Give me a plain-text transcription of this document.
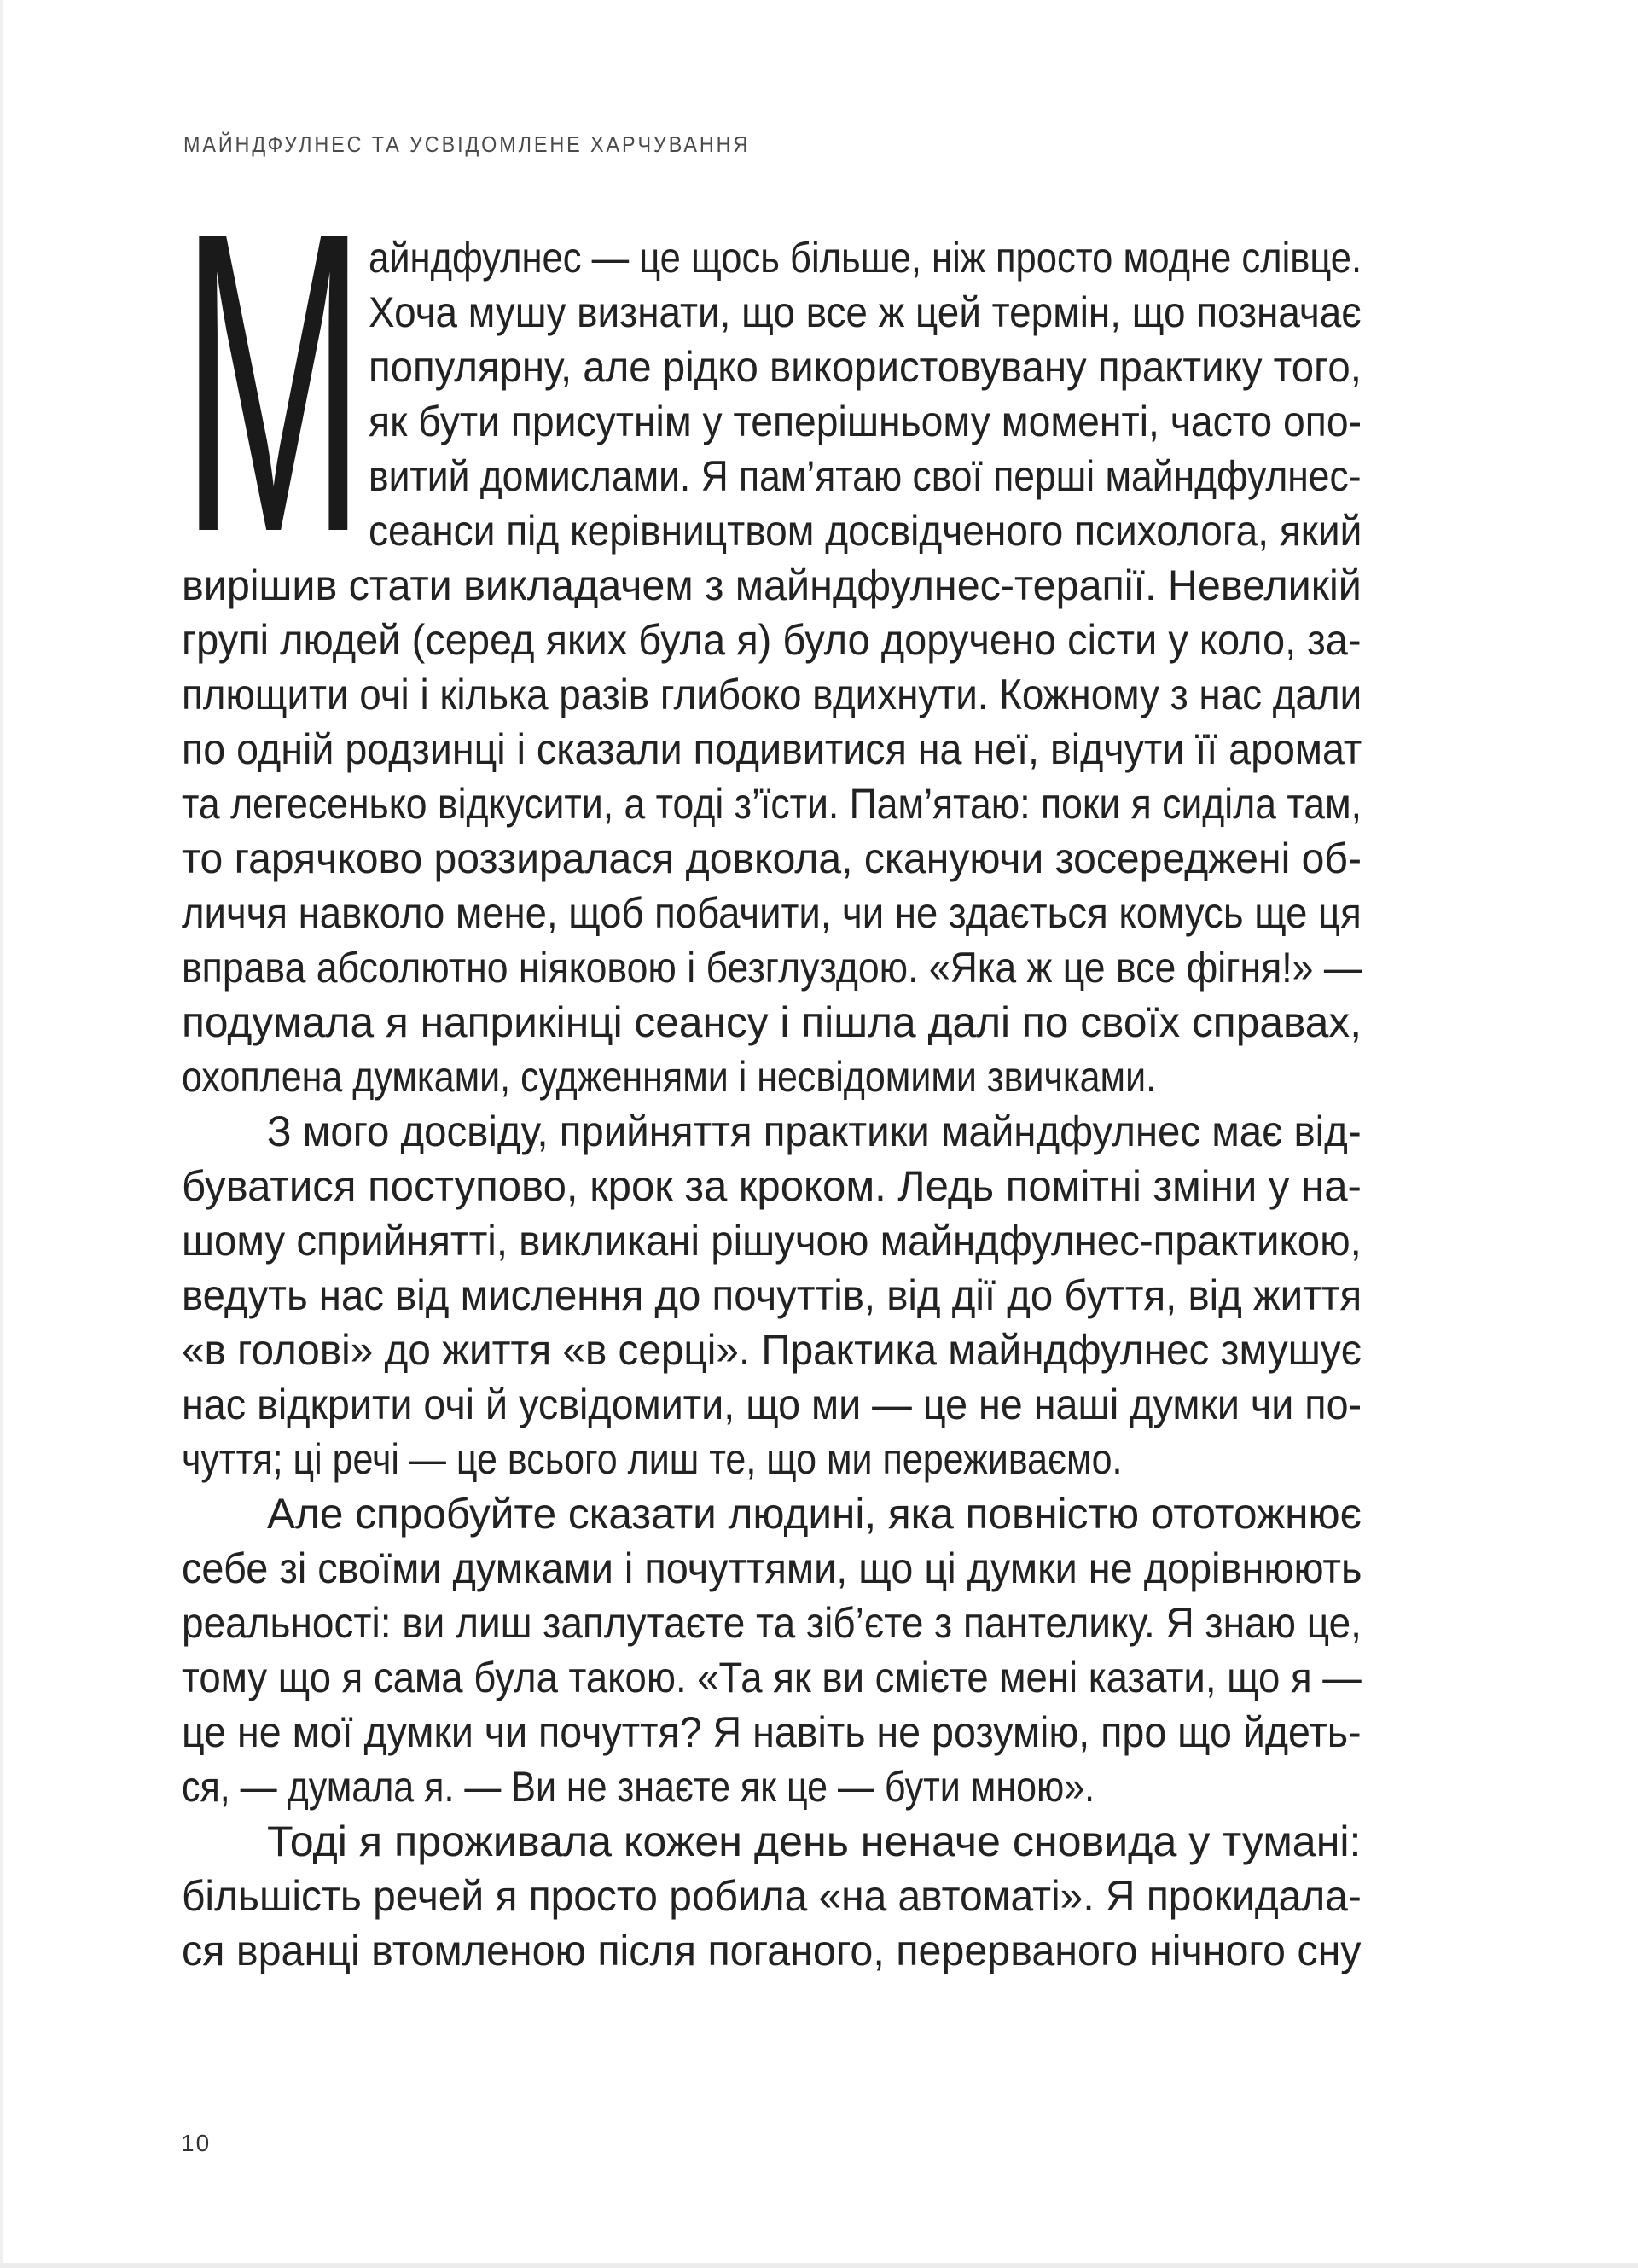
МАЙНДФУЛНЕС ТА УСВІДОМЛЕНЕ ХАРЧУВАННЯ
М айндфулнес — це щось більше, ніж просто модне слівце.
Хоча мушу визнати, що все ж цей термін, що позначає
популярну, але рідко використовувану практику того,
як бути присутнім у теперішньому моменті, часто опо-
витий домислами. Я пам’ятаю свої перші майндфулнес-
сеанси під керівництвом досвідченого психолога, який
вирішив стати викладачем з майндфулнес-терапії. Невеликій
групі людей (серед яких була я) було доручено сісти у коло, за-
плющити очі і кілька разів глибоко вдихнути. Кожному з нас дали
по одній родзинці і сказали подивитися на неї, відчути її аромат
та легесенько відкусити, а тоді з’їсти. Пам’ятаю: поки я сиділа там,
то гарячково роззиралася довкола, скануючи зосереджені об-
личчя навколо мене, щоб побачити, чи не здається комусь ще ця
вправа абсолютно ніяковою і безглуздою. «Яка ж це все фігня!» —
подумала я наприкінці сеансу і пішла далі по своїх справах,
охоплена думками, судженнями і несвідомими звичками.
З мого досвіду, прийняття практики майндфулнес має від-
буватися поступово, крок за кроком. Ледь помітні зміни у на-
шому сприйнятті, викликані рішучою майндфулнес-практикою,
ведуть нас від мислення до почуттів, від дії до буття, від життя
«в голові» до життя «в серці». Практика майндфулнес змушує
нас відкрити очі й усвідомити, що ми — це не наші думки чи по-
чуття; ці речі — це всього лиш те, що ми переживаємо.
Але спробуйте сказати людині, яка повністю ототожнює
себе зі своїми думками і почуттями, що ці думки не дорівнюють
реальності: ви лиш заплутаєте та зіб’єте з пантелику. Я знаю це,
тому що я сама була такою. «Та як ви смієте мені казати, що я —
це не мої думки чи почуття? Я навіть не розумію, про що йдеть-
ся, — думала я. — Ви не знаєте як це — бути мною».
Тоді я проживала кожен день неначе сновида у тумані:
більшість речей я просто робила «на автоматі». Я прокидала-
ся вранці втомленою після поганого, перерваного нічного сну
10
